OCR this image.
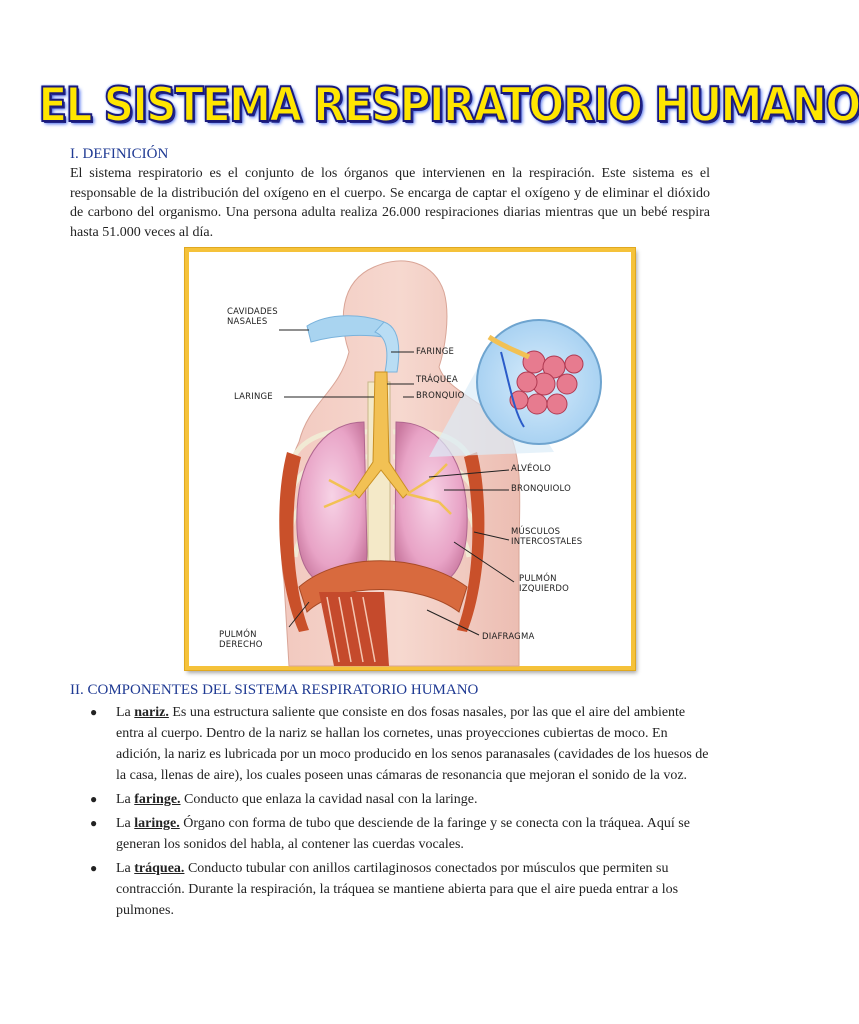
EL SISTEMA RESPIRATORIO HUMANO
I. DEFINICIÓN
El sistema respiratorio es el conjunto de los órganos que intervienen en la respiración. Este sistema es el responsable de la distribución del oxígeno en el cuerpo. Se encarga de captar el oxígeno y de eliminar el dióxido de carbono del organismo. Una persona adulta realiza 26.000 respiraciones diarias mientras que un bebé respira hasta 51.000 veces al día.
CAVIDADES
NASALES
FARINGE
LARINGE
TRÁQUEA
BRONQUIO
ALVÉOLO
BRONQUIOLO
MÚSCULOS
INTERCOSTALES
PULMÓN
IZQUIERDO
PULMÓN
DERECHO
DIAFRAGMA
II. COMPONENTES DEL SISTEMA RESPIRATORIO HUMANO
● La nariz. Es una estructura saliente que consiste en dos fosas nasales, por las que el aire del ambiente entra al cuerpo. Dentro de la nariz se hallan los cornetes, unas proyecciones cubiertas de moco. En adición, la nariz es lubricada por un moco producido en los senos paranasales (cavidades de los huesos de la casa, llenas de aire), los cuales poseen unas cámaras de resonancia que mejoran el sonido de la voz.
● La faringe. Conducto que enlaza la cavidad nasal con la laringe.
● La laringe. Órgano con forma de tubo que desciende de la faringe y se conecta con la tráquea. Aquí se generan los sonidos del habla, al contener las cuerdas vocales.
● La tráquea. Conducto tubular con anillos cartilaginosos conectados por músculos que permiten su contracción. Durante la respiración, la tráquea se mantiene abierta para que el aire pueda entrar a los pulmones.
